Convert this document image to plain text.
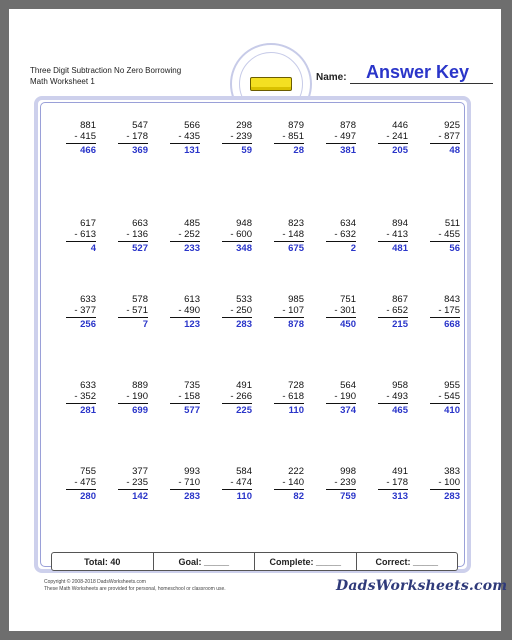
Three Digit Subtraction No Zero Borrowing
Math Worksheet 1	Name: Answer Key
881
- 415
466
547
- 178
369
566
- 435
131
298
- 239
59
879
- 851
28
878
- 497
381
446
- 241
205
925
- 877
48
617
- 613
4
663
- 136
527
485
- 252
233
948
- 600
348
823
- 148
675
634
- 632
2
894
- 413
481
511
- 455
56
633
- 377
256
578
- 571
7
613
- 490
123
533
- 250
283
985
- 107
878
751
- 301
450
867
- 652
215
843
- 175
668
633
- 352
281
889
- 190
699
735
- 158
577
491
- 266
225
728
- 618
110
564
- 190
374
958
- 493
465
955
- 545
410
755
- 475
280
377
- 235
142
993
- 710
283
584
- 474
110
222
- 140
82
998
- 239
759
491
- 178
313
383
- 100
283
Total: 40	Goal: _____	Complete: _____	Correct: _____
Copyright © 2008-2018 DadsWorksheets.com
These Math Worksheets are provided for personal, homeschool or classroom use.	DadsWorksheets.com
